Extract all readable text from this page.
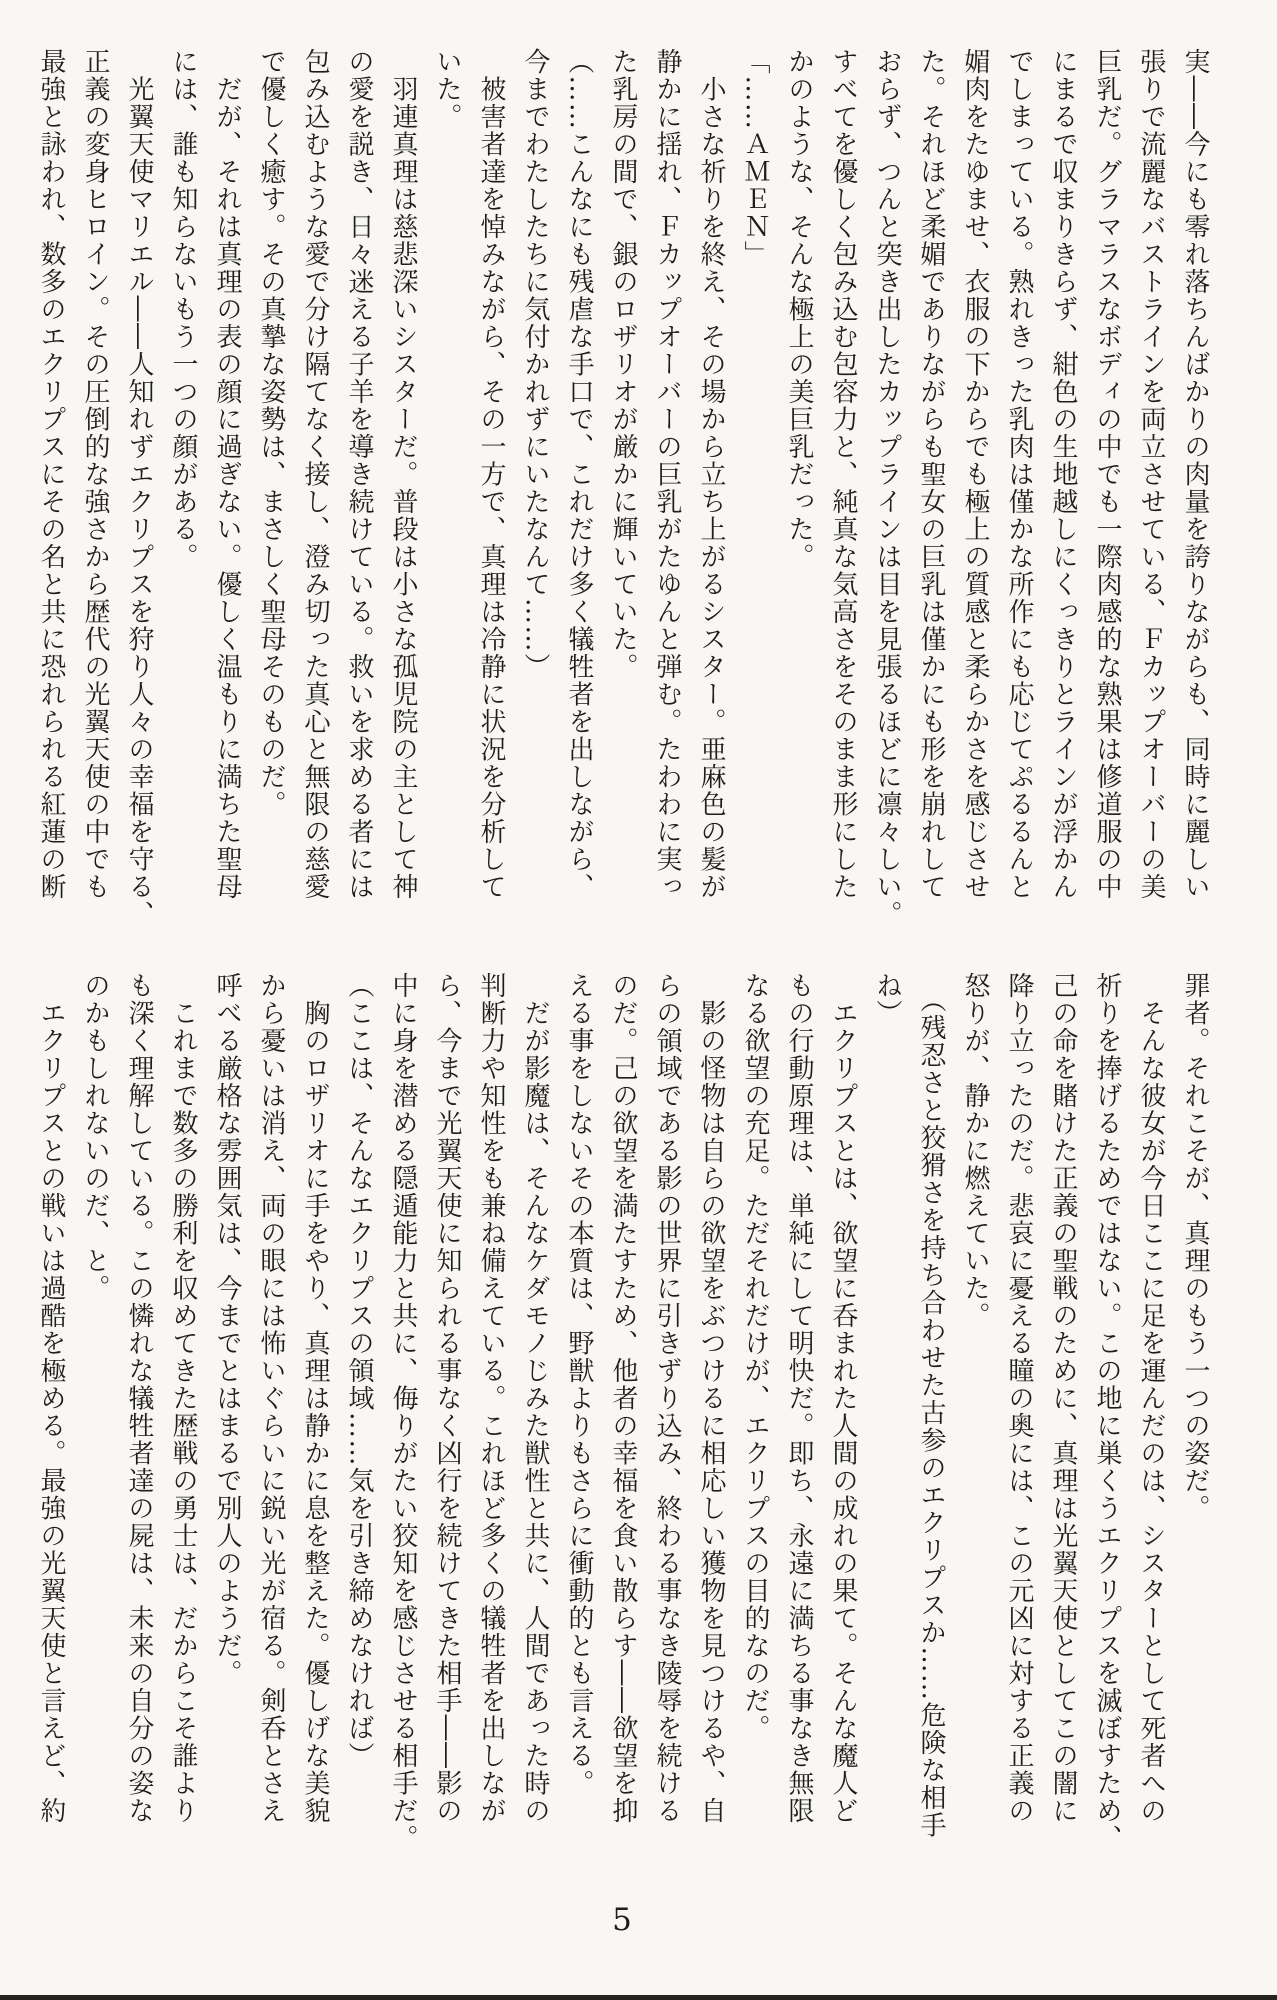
実――今にも零れ落ちんばかりの肉量を誇りながらも、同時に麗しい
張りで流麗なバストラインを両立させている、Ｆカップオーバーの美
巨乳だ。グラマラスなボディの中でも一際肉感的な熟果は修道服の中
にまるで収まりきらず、紺色の生地越しにくっきりとラインが浮かん
でしまっている。熟れきった乳肉は僅かな所作にも応じてぷるるんと
媚肉をたゆませ、衣服の下からでも極上の質感と柔らかさを感じさせ
た。それほど柔媚でありながらも聖女の巨乳は僅かにも形を崩れして
おらず、つんと突き出したカップラインは目を見張るほどに凛々しい。
すべてを優しく包み込む包容力と、純真な気高さをそのまま形にした
かのような、そんな極上の美巨乳だった。
「……ＡＭＥＮ」
　小さな祈りを終え、その場から立ち上がるシスター。亜麻色の髪が
静かに揺れ、Ｆカップオーバーの巨乳がたゆんと弾む。たわわに実っ
た乳房の間で、銀のロザリオが厳かに輝いていた。
（……こんなにも残虐な手口で、これだけ多く犠牲者を出しながら、
今までわたしたちに気付かれずにいたなんて……）
　被害者達を悼みながら、その一方で、真理は冷静に状況を分析して
いた。
　羽連真理は慈悲深いシスターだ。普段は小さな孤児院の主として神
の愛を説き、日々迷える子羊を導き続けている。救いを求める者には
包み込むような愛で分け隔てなく接し、澄み切った真心と無限の慈愛
で優しく癒す。その真摯な姿勢は、まさしく聖母そのものだ。
　だが、それは真理の表の顔に過ぎない。優しく温もりに満ちた聖母
には、誰も知らないもう一つの顔がある。
　光翼天使マリエル――人知れずエクリプスを狩り人々の幸福を守る、
正義の変身ヒロイン。その圧倒的な強さから歴代の光翼天使の中でも
最強と詠われ、数多のエクリプスにその名と共に恐れられる紅蓮の断
罪者。それこそが、真理のもう一つの姿だ。
　そんな彼女が今日ここに足を運んだのは、シスターとして死者への
祈りを捧げるためではない。この地に巣くうエクリプスを滅ぼすため、
己の命を賭けた正義の聖戦のために、真理は光翼天使としてこの闇に
降り立ったのだ。悲哀に憂える瞳の奥には、この元凶に対する正義の
怒りが、静かに燃えていた。
　（残忍さと狡猾さを持ち合わせた古参のエクリプスか……危険な相手
ね）
　エクリプスとは、欲望に呑まれた人間の成れの果て。そんな魔人ど
もの行動原理は、単純にして明快だ。即ち、永遠に満ちる事なき無限
なる欲望の充足。ただそれだけが、エクリプスの目的なのだ。
　影の怪物は自らの欲望をぶつけるに相応しい獲物を見つけるや、自
らの領域である影の世界に引きずり込み、終わる事なき陵辱を続ける
のだ。己の欲望を満たすため、他者の幸福を食い散らす――欲望を抑
える事をしないその本質は、野獣よりもさらに衝動的とも言える。
　だが影魔は、そんなケダモノじみた獣性と共に、人間であった時の
判断力や知性をも兼ね備えている。これほど多くの犠牲者を出しなが
ら、今まで光翼天使に知られる事なく凶行を続けてきた相手――影の
中に身を潜める隠遁能力と共に、侮りがたい狡知を感じさせる相手だ。
（ここは、そんなエクリプスの領域……気を引き締めなければ）
　胸のロザリオに手をやり、真理は静かに息を整えた。優しげな美貌
から憂いは消え、両の眼には怖いぐらいに鋭い光が宿る。剣呑とさえ
呼べる厳格な雰囲気は、今までとはまるで別人のようだ。
　これまで数多の勝利を収めてきた歴戦の勇士は、だからこそ誰より
も深く理解している。この憐れな犠牲者達の屍は、未来の自分の姿な
のかもしれないのだ、と。
　エクリプスとの戦いは過酷を極める。最強の光翼天使と言えど、約
5
